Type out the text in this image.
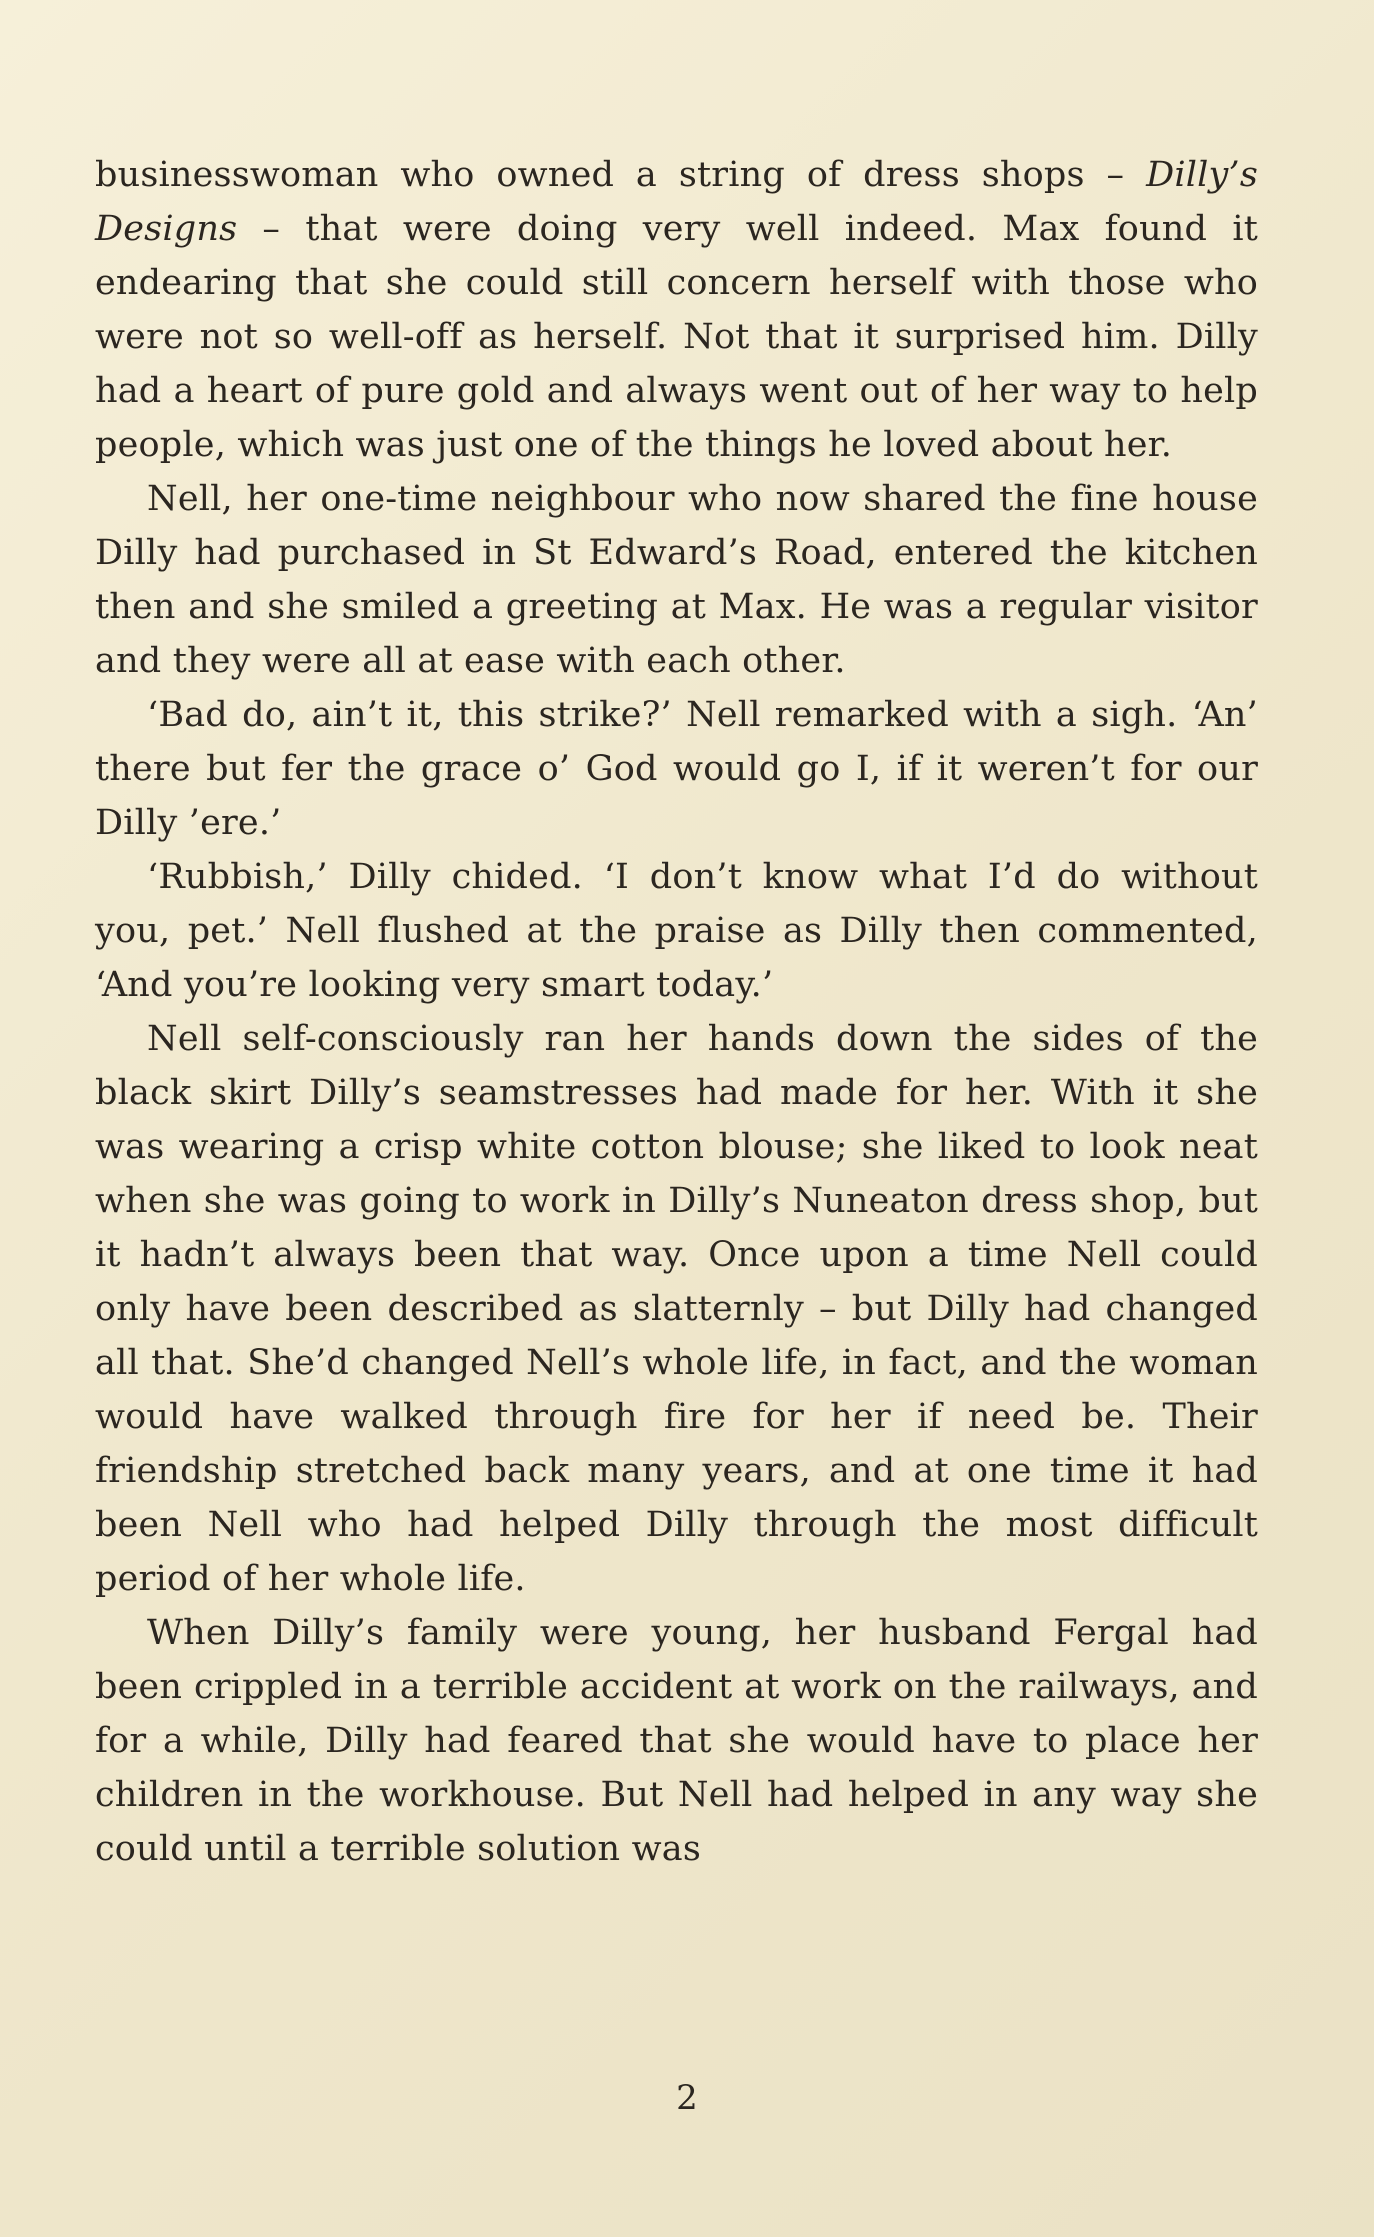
businesswoman who owned a string of dress shops – Dilly’s Designs – that were doing very well indeed. Max found it endearing that she could still concern herself with those who were not so well-off as herself. Not that it surprised him. Dilly had a heart of pure gold and always went out of her way to help people, which was just one of the things he loved about her.

Nell, her one-time neighbour who now shared the fine house Dilly had purchased in St Edward’s Road, entered the kitchen then and she smiled a greeting at Max. He was a regular visitor and they were all at ease with each other.

‘Bad do, ain’t it, this strike?’ Nell remarked with a sigh. ‘An’ there but fer the grace o’ God would go I, if it weren’t for our Dilly ’ere.’

‘Rubbish,’ Dilly chided. ‘I don’t know what I’d do without you, pet.’ Nell flushed at the praise as Dilly then commented, ‘And you’re looking very smart today.’

Nell self-consciously ran her hands down the sides of the black skirt Dilly’s seamstresses had made for her. With it she was wearing a crisp white cotton blouse; she liked to look neat when she was going to work in Dilly’s Nuneaton dress shop, but it hadn’t always been that way. Once upon a time Nell could only have been described as slatternly – but Dilly had changed all that. She’d changed Nell’s whole life, in fact, and the woman would have walked through fire for her if need be. Their friendship stretched back many years, and at one time it had been Nell who had helped Dilly through the most difficult period of her whole life.

When Dilly’s family were young, her husband Fergal had been crippled in a terrible accident at work on the railways, and for a while, Dilly had feared that she would have to place her children in the workhouse. But Nell had helped in any way she could until a terrible solution was

2
